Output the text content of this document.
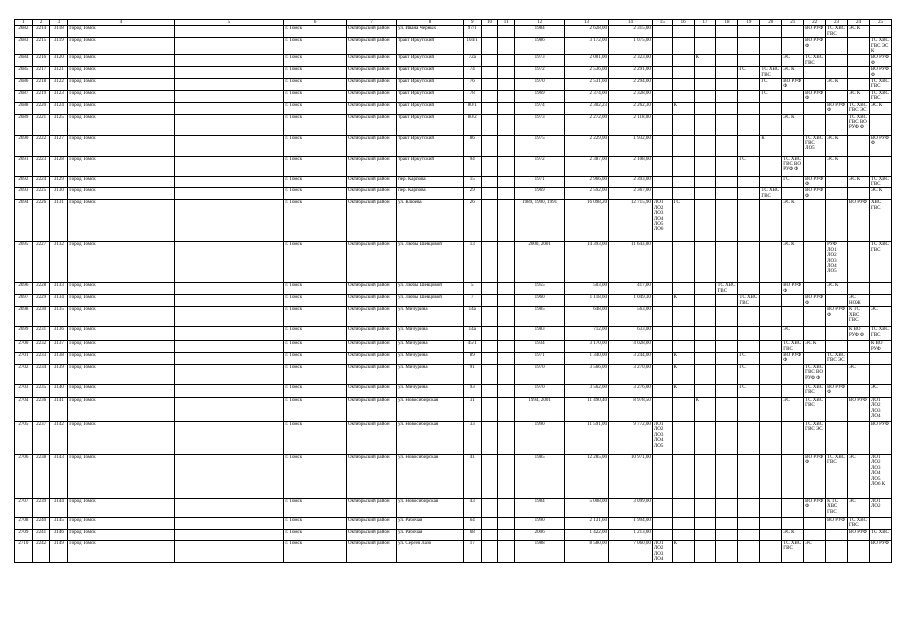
1	2	3	4	5	6	7	8	9	10	11	12	13	14	15	16	17	18	19	20	21	22	23	24	25
2682	2214	3118	Город Томск		г. Томск	Октябрьский район	ул. Ивана Черных	97/1			1984	2 628,00	2 315,00								ВО РУФ	ТС ХВС ГВС	ЭС К	
2683	2215	3119	Город Томск		г. Томск	Октябрьский район	тракт Иркутский	104/1			1986	3 172,00	1 075,00								ВО РУФ Ф			ТС ХВС ГВС ЭС К
2684	2216	3120	Город Томск		г. Томск	Октябрьский район	тракт Иркутский	72а			1973	2 001,00	2 323,00			К				ЭС	ТС ХВС ГВС			ВО РУФ Ф
2685	2217	3121	Город Томск		г. Томск	Октябрьский район	тракт Иркутский	74			1972	2 536,00	2 291,00					ГС	ТС ХВС ГВС	ЭС К				ВО РУФ Ф
2686	2218	3122	Город Томск		г. Томск	Октябрьский район	тракт Иркутский	76			1970	2 531,60	2 294,00						ГС	ВО РУФ Ф		ЭС К		ТС ХВС ГВС
2687	2219	3123	Город Томск		г. Томск	Октябрьский район	тракт Иркутский	78			1969	2 374,00	2 328,00						ГС		ВО РУФ Ф		ЭС К	ТС ХВС ГВС
2688	2220	3124	Город Томск		г. Томск	Октябрьский район	тракт Иркутский	80/1			1974	2 302,23	2 262,30		К							ВО РУФ Ф	ТС ХВС ГВС ЭС	ЭС К
2689	2221	3125	Город Томск		г. Томск	Октябрьский район	тракт Иркутский	80/2			1973	2 272,00	2 118,00							ЭС К			ТС ХВС ГВС ВО РУФ Ф	
2690	2222	3127	Город Томск		г. Томск	Октябрьский район	тракт Иркутский	86			1975	2 229,00	1 932,00						К		ТС ХВС ГВС ЛО5	ЭС К		ВО РУФ Ф
2691	2223	3128	Город Томск		г. Томск	Октябрьский район	тракт Иркутский	94			1972	2 387,00	2 108,60					ГС		ТС ХВС ГВС ВО РУФ Ф		ЭС К		
2692	2224	3129	Город Томск		г. Томск	Октябрьский район	пер. Карпова	15			1971	2 966,00	2 393,00							ГС	ВО РУФ Ф		ЭС К	ТС ХВС ГВС
2693	2225	3130	Город Томск		г. Томск	Октябрьский район	пер. Карпова	29			1969	2 592,00	2 367,00						ТС ХВС ГВС		ВО РУФ Ф			ЭС К
2694	2226	3131	Город Томск		г. Томск	Октябрьский район	ул. Клюева	26			1989, 1990, 1991	16 098,20	12 715,90	ЛО1 ЛО2 ЛО3 ЛО4 ЛО5 ЛО6	ГС					ЭС К			ВО РУФ	ХВС ГВС
2695	2227	3132	Город Томск		г. Томск	Октябрьский район	ул. Любы Шевцовой	13			2000, 2001	14 393,00	11 643,00							ЭС К		РУФ ЛО1 ЛО2 ЛО3 ЛО4 ЛО5		ТС ХВС ГВС
2696	2228	3133	Город Томск		г. Томск	Октябрьский район	ул. Любы Шевцовой	5			1955	503,00	417,00				ТС ХВС ГВС			ВО РУФ Ф		ЭС К		
2697	2229	3134	Город Томск		г. Томск	Октябрьский район	ул. Любы Шевцовой	7			1960	1 118,60	1 049,30		К			ТС ХВС ГВС			ВО РУФ Ф		ЭС НОЖ	
2698	2230	3135	Город Томск		г. Томск	Октябрьский район	ул. Мичурина	14а			1985	648,00	563,00									ВО РУФ Ф	К ТС ХВС ГВС	ЭС
2699	2231	3136	Город Томск		г. Томск	Октябрьский район	ул. Мичурина	14а			1983	712,00	633,00							ЭС			К ВО РУФ Ф	ТС ХВС ГВС
2700	2232	3137	Город Томск		г. Томск	Октябрьский район	ул. Мичурина	45/1			1934	3 170,00	4 028,00							ТС ХВС ГВС	ЭС К			К ВО РУФ
2701	2233	3138	Город Томск		г. Томск	Октябрьский район	ул. Мичурина	89			1971	1 340,00	3 244,00		К			ГС		ВО РУФ Ф		ТС ХВС ГВС ЭС		
2702	2234	3139	Город Томск		г. Томск	Октябрьский район	ул. Мичурина	91			1970	3 566,00	3 270,00		К			ГС			ТС ХВС ГВС ВО РУФ Ф		ЭС	
2703	2235	3140	Город Томск		г. Томск	Октябрьский район	ул. Мичурина	93			1970	3 562,00	3 276,00		К			ГС			ТС ХВС ГВС	ВО РУФ Ф		ЭС
2704	2236	3141	Город Томск		г. Томск	Октябрьский район	ул. Новосибирская	31			1994, 2001	11 490,40	8 978,50			К				ЭС	ТС ХВС ГВС		ВО РУФ	ЛО1 ЛО2 ЛО3 ЛО4
2705	2237	3142	Город Томск		г. Томск	Октябрьский район	ул. Новосибирская	33			1990	11 591,00	9 772,00	ЛО1 ЛО2 ЛО3 ЛО4 ЛО5							ТС ХВС ГВС ЭС			ВО РУФ
2706	2238	3143	Город Томск		г. Томск	Октябрьский район	ул. Новосибирская	41			1985	12 285,00	10 971,00								ВО РУФ Ф	ТС ХВС ГВС	ЭС	ЛО1 ЛО2 ЛО3 ЛО4 ЛО5 ЛО6 К
2707	2239	3144	Город Томск		г. Томск	Октябрьский район	ул. Новосибирская	43			1984	5 008,00	3 099,00								ВО РУФ Ф	К ТС ХВС ГВС	ЭС	ЛО1 ЛО2
2708	2240	3145	Город Томск		г. Томск	Октябрьский район	ул. Рабочая	64			1990	2 131,60	1 994,00									ВО РУФ	ТС ХВС ГВС	
2709	2241	3146	Город Томск		г. Томск	Октябрьский район	ул. Рабочая	68			2006	1 422,00	1 213,00							ЭС К			ВО РУФ	ТС ХВС
2710	2242	3149	Город Томск		г. Томск	Октябрьский район	ул. Сергея Лазо	17			1988	8 580,00	7 060,00	ЛО1 ЛО2 ЛО3 ЛО4	К					ТС ХВС ГВС	ЭС			ВО РУФ
